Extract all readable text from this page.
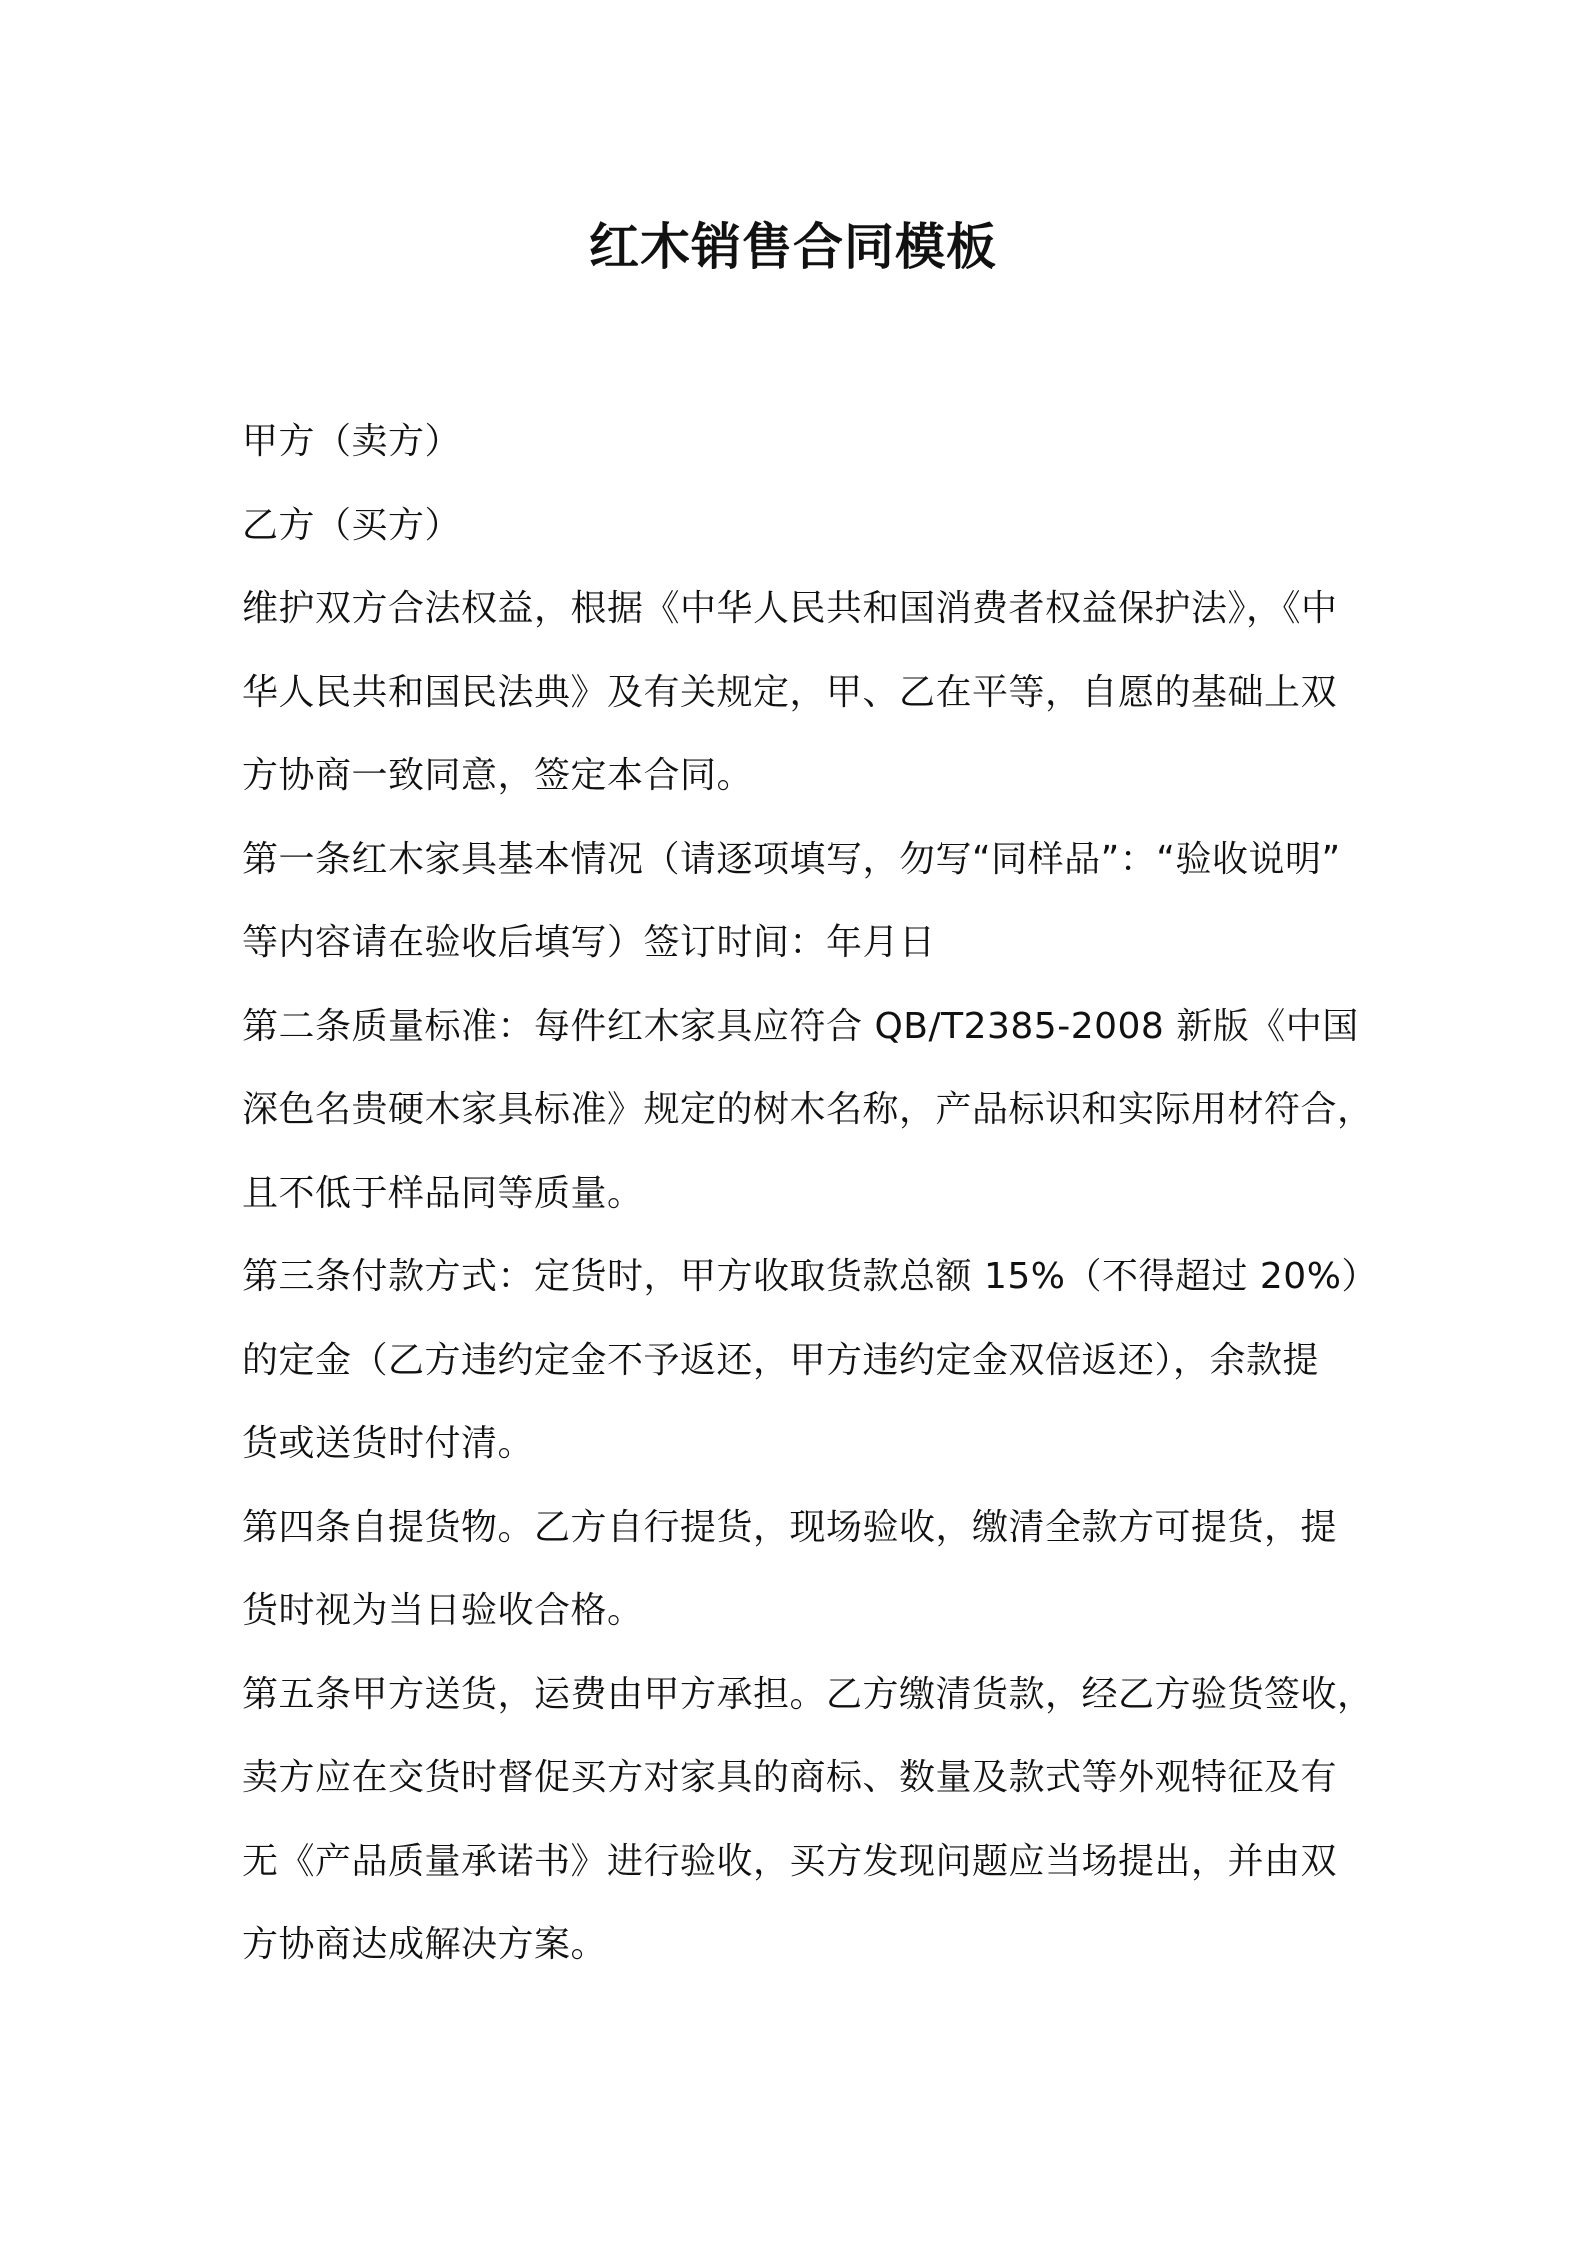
红木销售合同模板
甲方（卖方）
乙方（买方）
维护双方合法权益，根据《中华人民共和国消费者权益保护法》，《中
华人民共和国民法典》及有关规定，甲、乙在平等，自愿的基础上双
方协商一致同意，签定本合同。
第一条红木家具基本情况（请逐项填写，勿写“同样品”：“验收说明”
等内容请在验收后填写）签订时间：年月日
第二条质量标准：每件红木家具应符合 QB/T2385-2008 新版《中国
深色名贵硬木家具标准》规定的树木名称，产品标识和实际用材符合，
且不低于样品同等质量。
第三条付款方式：定货时，甲方收取货款总额 15%（不得超过 20%）
的定金（乙方违约定金不予返还，甲方违约定金双倍返还），余款提
货或送货时付清。
第四条自提货物。乙方自行提货，现场验收，缴清全款方可提货，提
货时视为当日验收合格。
第五条甲方送货，运费由甲方承担。乙方缴清货款，经乙方验货签收，
卖方应在交货时督促买方对家具的商标、数量及款式等外观特征及有
无《产品质量承诺书》进行验收，买方发现问题应当场提出，并由双
方协商达成解决方案。
